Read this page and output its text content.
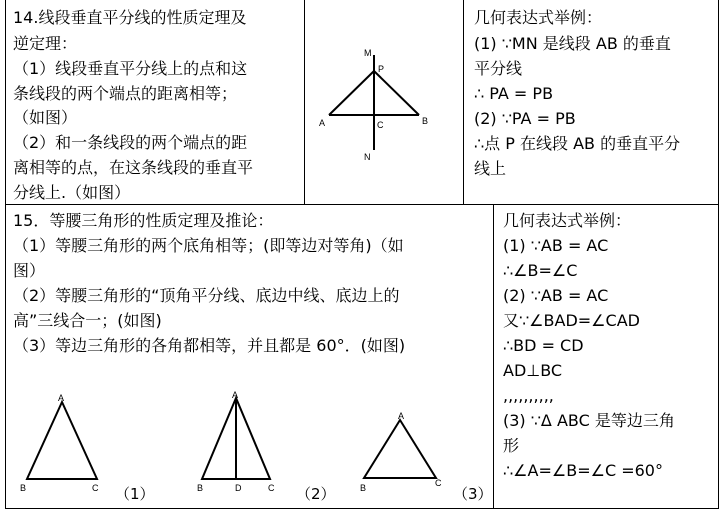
14.线段垂直平分线的性质定理及
逆定理：
（1）线段垂直平分线上的点和这
条线段的两个端点的距离相等；
（如图）
（2）和一条线段的两个端点的距
离相等的点，在这条线段的垂直平
分线上.（如图）
M
P
A	C	B
N
几何表达式举例：
(1) ∵MN 是线段 AB 的垂直
平分线
∴ PA = PB
(2) ∵PA = PB
∴点 P 在线段 AB 的垂直平分
线上
15．等腰三角形的性质定理及推论：
（1）等腰三角形的两个底角相等；(即等边对等角)（如
图）
（2）等腰三角形的“顶角平分线、底边中线、底边上的
高”三线合一；(如图)
（3）等边三角形的各角都相等，并且都是 60°．(如图)
A
B	C （1）
A
B	D	C （2）
A
B	C
（3）
几何表达式举例：
(1) ∵AB = AC
∴∠B=∠C
(2) ∵AB = AC
又∵∠BAD=∠CAD
∴BD = CD
AD⊥BC
,,,,,,,,,,
(3) ∵Δ ABC 是等边三角
形
∴∠A=∠B=∠C =60°
